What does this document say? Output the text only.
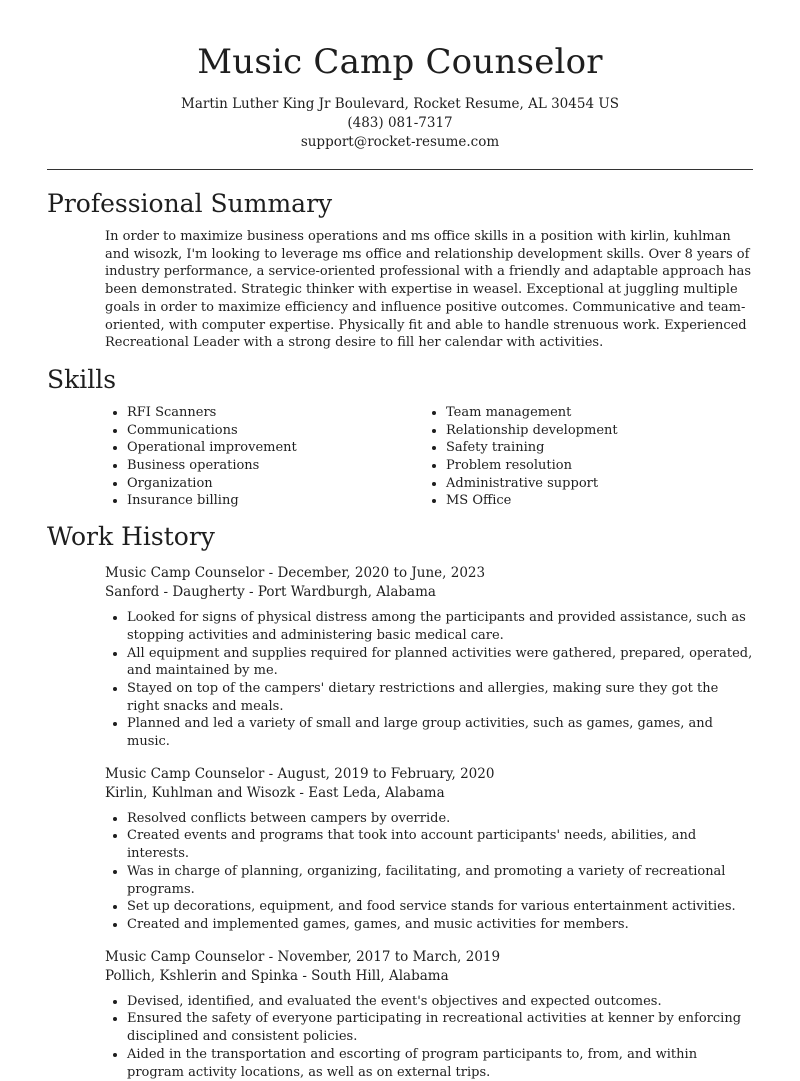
Music Camp Counselor
Martin Luther King Jr Boulevard, Rocket Resume, AL 30454 US
(483) 081-7317
support@rocket-resume.com
Professional Summary

In order to maximize business operations and ms office skills in a position with kirlin, kuhlman and wisozk, I'm looking to leverage ms office and relationship development skills. Over 8 years of industry performance, a service-oriented professional with a friendly and adaptable approach has been demonstrated. Strategic thinker with expertise in weasel. Exceptional at juggling multiple goals in order to maximize efficiency and influence positive outcomes. Communicative and team-oriented, with computer expertise. Physically fit and able to handle strenuous work. Experienced Recreational Leader with a strong desire to fill her calendar with activities.

Skills
• RFI Scanners
• Communications
• Operational improvement
• Business operations
• Organization
• Insurance billing
• Team management
• Relationship development
• Safety training
• Problem resolution
• Administrative support
• MS Office
Work History
Music Camp Counselor - December, 2020 to June, 2023
Sanford - Daugherty - Port Wardburgh, Alabama
• Looked for signs of physical distress among the participants and provided assistance, such as stopping activities and administering basic medical care.
• All equipment and supplies required for planned activities were gathered, prepared, operated, and maintained by me.
• Stayed on top of the campers' dietary restrictions and allergies, making sure they got the right snacks and meals.
• Planned and led a variety of small and large group activities, such as games, games, and music.
Music Camp Counselor - August, 2019 to February, 2020
Kirlin, Kuhlman and Wisozk - East Leda, Alabama
• Resolved conflicts between campers by override.
• Created events and programs that took into account participants' needs, abilities, and interests.
• Was in charge of planning, organizing, facilitating, and promoting a variety of recreational programs.
• Set up decorations, equipment, and food service stands for various entertainment activities.
• Created and implemented games, games, and music activities for members.
Music Camp Counselor - November, 2017 to March, 2019
Pollich, Kshlerin and Spinka - South Hill, Alabama
• Devised, identified, and evaluated the event's objectives and expected outcomes.
• Ensured the safety of everyone participating in recreational activities at kenner by enforcing disciplined and consistent policies.
• Aided in the transportation and escorting of program participants to, from, and within program activity locations, as well as on external trips.
